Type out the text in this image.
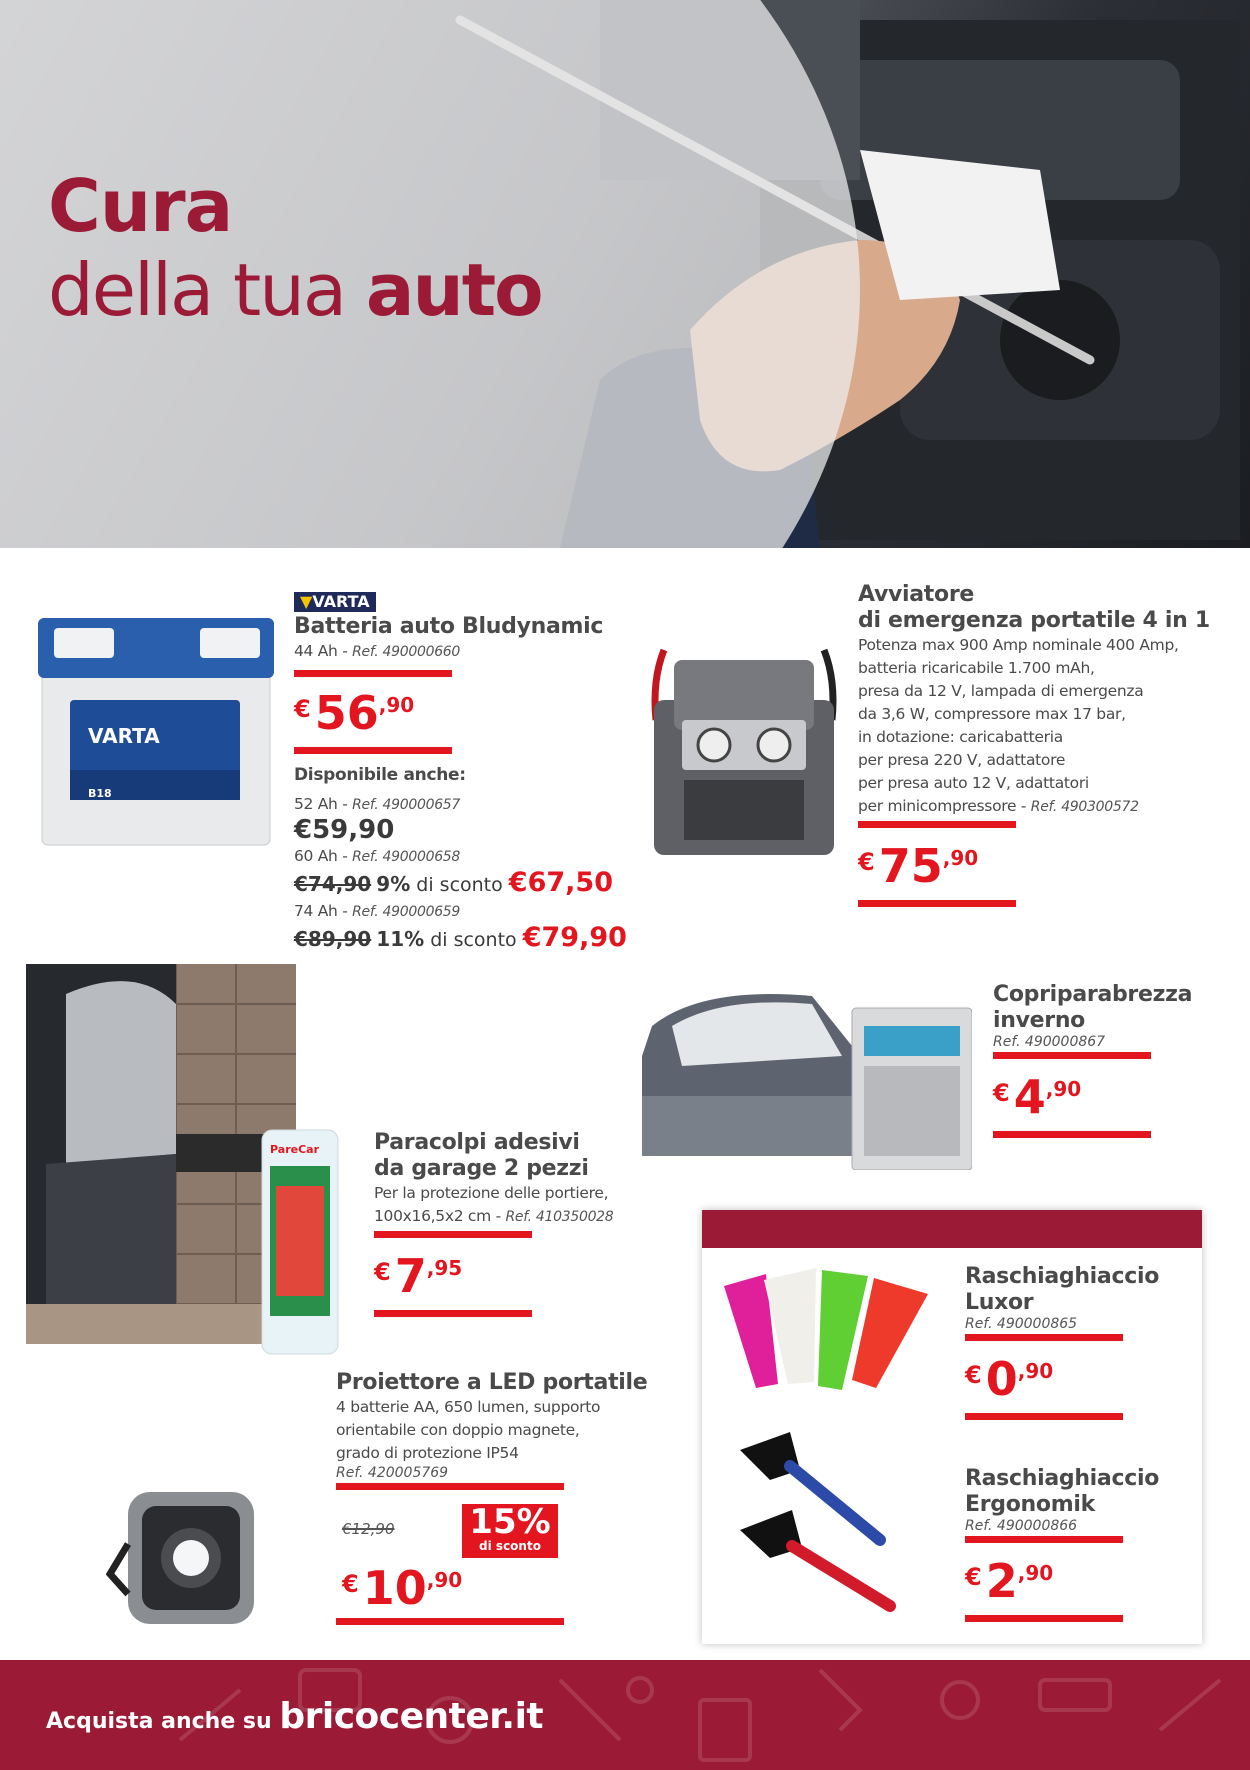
Cura
della tua auto
VARTA
B18
▼VARTA
Batteria auto Bludynamic
44 Ah - Ref. 490000660
€ 56 ,90
Disponibile anche:
52 Ah - Ref. 490000657
€59,90
60 Ah - Ref. 490000658
€74,90 9% di sconto €67,50
74 Ah - Ref. 490000659
€89,90 11% di sconto €79,90
Avviatore
di emergenza portatile 4 in 1
Potenza max 900 Amp nominale 400 Amp,
batteria ricaricabile 1.700 mAh,
presa da 12 V, lampada di emergenza
da 3,6 W, compressore max 17 bar,
in dotazione: caricabatteria
per presa 220 V, adattatore
per presa auto 12 V, adattatori
per minicompressore - Ref. 490300572
€ 75 ,90
PareCar	Paracolpi adesivi
da garage 2 pezzi
Per la protezione delle portiere,
100x16,5x2 cm - Ref. 410350028
€ 7 ,95
Copriparabrezza
inverno
Ref. 490000867
€ 4 ,90
Proiettore a LED portatile
4 batterie AA, 650 lumen, supporto
orientabile con doppio magnete,
grado di protezione IP54
Ref. 420005769
€12,90 15%
di sconto
€ 10 ,90
Raschiaghiaccio
Luxor
Ref. 490000865
€ 0 ,90
Raschiaghiaccio
Ergonomik
Ref. 490000866
€ 2 ,90
Acquista anche su bricocenter.it
